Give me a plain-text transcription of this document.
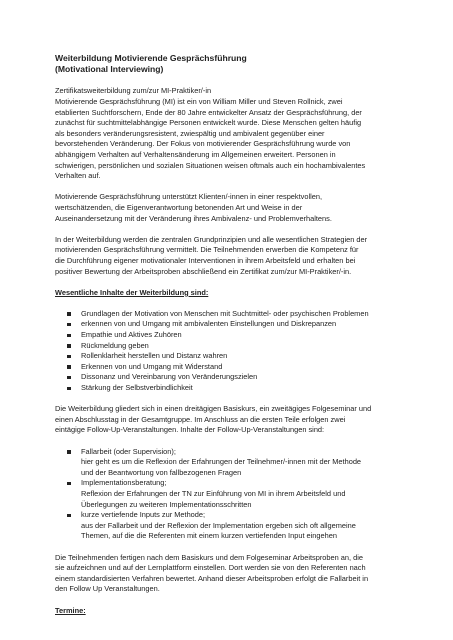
Weiterbildung Motivierende Gesprächsführung
(Motivational Interviewing)

Zertifikatsweiterbildung zum/zur MI-Praktiker/-in
Motivierende Gesprächsführung (MI) ist ein von William Miller und Steven Rollnick, zwei
etablierten Suchtforschern, Ende der 80 Jahre entwickelter Ansatz der Gesprächsführung, der
zunächst für suchtmittelabhängige Personen entwickelt wurde. Diese Menschen gelten häufig
als besonders veränderungsresistent, zwiespältig und ambivalent gegenüber einer
bevorstehenden Veränderung. Der Fokus von motivierender Gesprächsführung wurde von
abhängigem Verhalten auf Verhaltensänderung im Allgemeinen erweitert. Personen in
schwierigen, persönlichen und sozialen Situationen weisen oftmals auch ein hochambivalentes
Verhalten auf.

Motivierende Gesprächsführung unterstützt Klienten/-innen in einer respektvollen,
wertschätzenden, die Eigenverantwortung betonenden Art und Weise in der
Auseinandersetzung mit der Veränderung ihres Ambivalenz- und Problemverhaltens.

In der Weiterbildung werden die zentralen Grundprinzipien und alle wesentlichen Strategien der
motivierenden Gesprächsführung vermittelt. Die Teilnehmenden erwerben die Kompetenz für
die Durchführung eigener motivationaler Interventionen in ihrem Arbeitsfeld und erhalten bei
positiver Bewertung der Arbeitsproben abschließend ein Zertifikat zum/zur MI-Praktiker/-in.

Wesentliche Inhalte der Weiterbildung sind:
Grundlagen der Motivation von Menschen mit Suchtmittel- oder psychischen Problemen
erkennen von und Umgang mit ambivalenten Einstellungen und Diskrepanzen
Empathie und Aktives Zuhören
Rückmeldung geben
Rollenklarheit herstellen und Distanz wahren
Erkennen von und Umgang mit Widerstand
Dissonanz und Vereinbarung von Veränderungszielen
Stärkung der Selbstverbindlichkeit

Die Weiterbildung gliedert sich in einen dreitägigen Basiskurs, ein zweitägiges Folgeseminar und
einen Abschlusstag in der Gesamtgruppe. Im Anschluss an die ersten Teile erfolgen zwei
eintägige Follow-Up-Veranstaltungen. Inhalte der Follow-Up-Veranstaltungen sind:

Fallarbeit (oder Supervision);
hier geht es um die Reflexion der Erfahrungen der Teilnehmer/-innen mit der Methode
und der Beantwortung von fallbezogenen Fragen
Implementationsberatung;
Reflexion der Erfahrungen der TN zur Einführung von MI in ihrem Arbeitsfeld und
Überlegungen zu weiteren Implementationsschritten
kurze vertiefende Inputs zur Methode;
aus der Fallarbeit und der Reflexion der Implementation ergeben sich oft allgemeine
Themen, auf die die Referenten mit einem kurzen vertiefenden Input eingehen

Die Teilnehmenden fertigen nach dem Basiskurs und dem Folgeseminar Arbeitsproben an, die
sie aufzeichnen und auf der Lernplattform einstellen. Dort werden sie von den Referenten nach
einem standardisierten Verfahren bewertet. Anhand dieser Arbeitsproben erfolgt die Fallarbeit in
den Follow Up Veranstaltungen.

Termine:
